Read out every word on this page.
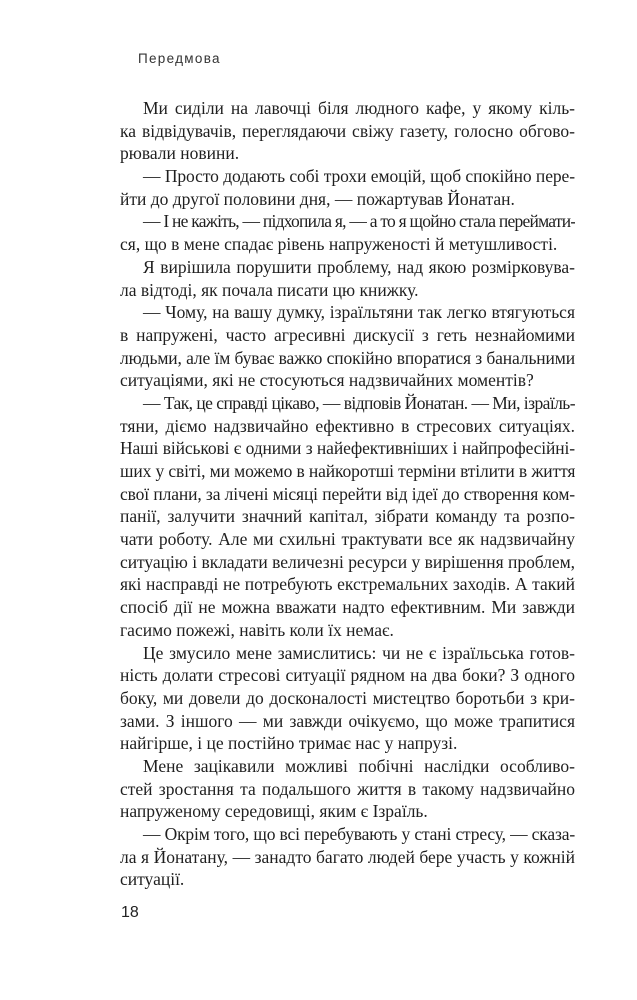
Передмова
Ми сиділи на лавочці біля людного кафе, у якому кіль-
ка відвідувачів, переглядаючи свіжу газету, голосно обгово-
рювали новини.
— Просто додають собі трохи емоцій, щоб спокійно пере-
йти до другої половини дня, — пожартував Йонатан.
— І не кажіть, — підхопила я, — а то я щойно стала переймати-
ся, що в мене спадає рівень напруженості й метушливості.
Я вирішила порушити проблему, над якою розмірковува-
ла відтоді, як почала писати цю книжку.
— Чому, на вашу думку, ізраїльтяни так легко втягуються
в напружені, часто агресивні дискусії з геть незнайомими
людьми, але їм буває важко спокійно впоратися з банальними
ситуаціями, які не стосуються надзвичайних моментів?
— Так, це справді цікаво, — відповів Йонатан. — Ми, ізраїль-
тяни, діємо надзвичайно ефективно в стресових ситуаціях.
Наші військові є одними з найефективніших і найпрофесійні-
ших у світі, ми можемо в найкоротші терміни втілити в життя
свої плани, за лічені місяці перейти від ідеї до створення ком-
панії, залучити значний капітал, зібрати команду та розпо-
чати роботу. Але ми схильні трактувати все як надзвичайну
ситуацію і вкладати величезні ресурси у вирішення проблем,
які насправді не потребують екстремальних заходів. А такий
спосіб дії не можна вважати надто ефективним. Ми завжди
гасимо пожежі, навіть коли їх немає.
Це змусило мене замислитись: чи не є ізраїльська готов-
ність долати стресові ситуації рядном на два боки? З одного
боку, ми довели до досконалості мистецтво боротьби з кри-
зами. З іншого — ми завжди очікуємо, що може трапитися
найгірше, і це постійно тримає нас у напрузі.
Мене зацікавили можливі побічні наслідки особливо-
стей зростання та подальшого життя в такому надзвичайно
напруженому середовищі, яким є Ізраїль.
— Окрім того, що всі перебувають у стані стресу, — сказа-
ла я Йонатану, — занадто багато людей бере участь у кожній
ситуації.
18
